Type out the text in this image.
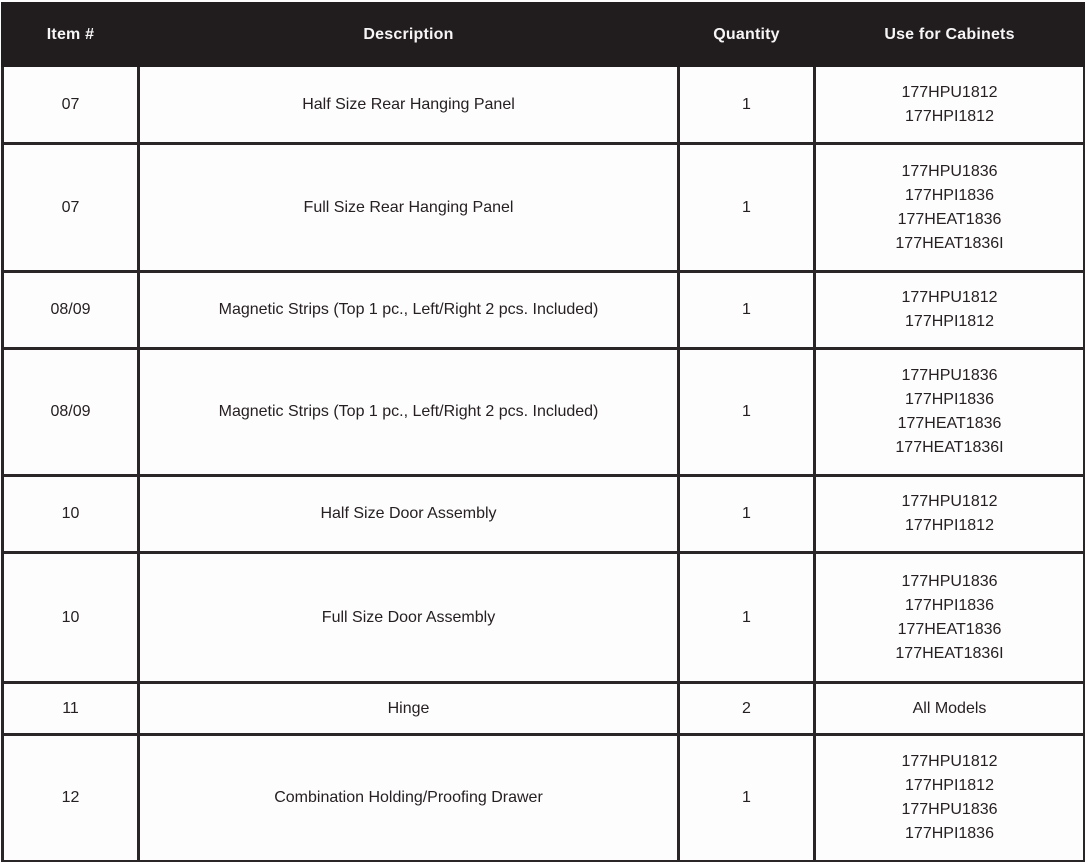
Item #	Description	Quantity	Use for Cabinets
07	Half Size Rear Hanging Panel	1	177HPU1812
177HPI1812

07	Full Size Rear Hanging Panel	1	177HPU1836
177HPI1836
177HEAT1836
177HEAT1836I

08/09	Magnetic Strips (Top 1 pc., Left/Right 2 pcs. Included)	1	177HPU1812
177HPI1812

08/09	Magnetic Strips (Top 1 pc., Left/Right 2 pcs. Included)	1	177HPU1836
177HPI1836
177HEAT1836
177HEAT1836I

10	Half Size Door Assembly	1	177HPU1812
177HPI1812

10	Full Size Door Assembly	1	177HPU1836
177HPI1836
177HEAT1836
177HEAT1836I

11	Hinge	2	All Models

12	Combination Holding/Proofing Drawer	1	177HPU1812
177HPI1812
177HPU1836
177HPI1836
